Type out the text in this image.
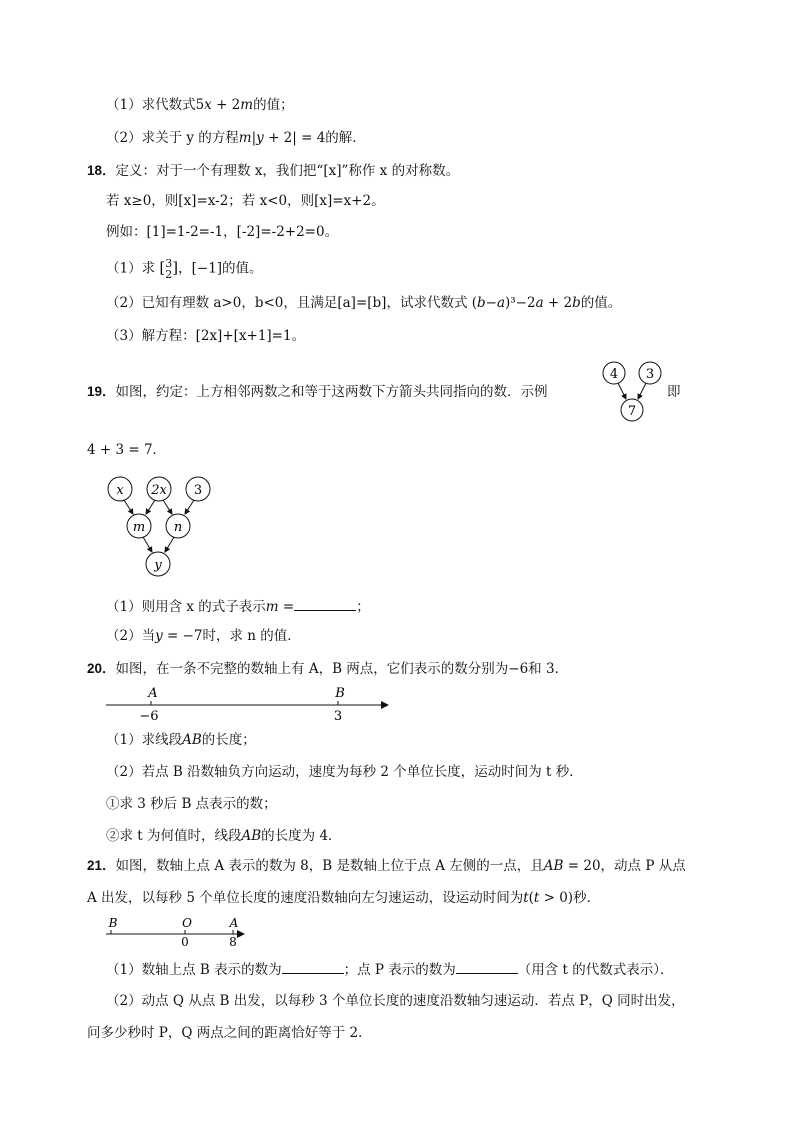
（1）求代数式5𝑥 + 2𝑚的值；
（2）求关于 y 的方程𝑚|𝑦 + 2| = 4的解．
18．定义：对于一个有理数 x，我们把“[x]”称作 x 的对称数。
若 x≥0，则[x]=x-2；若 x<0，则[x]=x+2。
例如：[1]=1-2=-1，[-2]=-2+2=0。
（1）求 [ 3
2 ]，[−1]的值。
（2）已知有理数 a>0，b<0，且满足[a]=[b]，试求代数式 (𝑏−𝑎)³−2𝑎 + 2𝑏的值。
（3）解方程：[2x]+[x+1]=1。
19．如图，约定：上方相邻两数之和等于这两数下方箭头共同指向的数．示例
4 3
7
即
4 + 3 = 7．
x 2x 3
m n
y
（1）则用含 x 的式子表示𝑚 =	；
（2）当𝑦 = −7时，求 n 的值．
20．如图，在一条不完整的数轴上有 A，B 两点，它们表示的数分别为−6和 3．
A	B
−6	3
（1）求线段𝐴𝐵的长度；
（2）若点 B 沿数轴负方向运动，速度为每秒 2 个单位长度，运动时间为 t 秒．
①求 3 秒后 B 点表示的数；
②求 t 为何值时，线段𝐴𝐵的长度为 4．
21．如图，数轴上点 A 表示的数为 8，B 是数轴上位于点 A 左侧的一点，且𝐴𝐵 = 20，动点 P 从点
A 出发，以每秒 5 个单位长度的速度沿数轴向左匀速运动，设运动时间为𝑡(𝑡 > 0)秒．
B	O	A
0	8
（1）数轴上点 B 表示的数为	；点 P 表示的数为	（用含 t 的代数式表示）．
（2）动点 Q 从点 B 出发，以每秒 3 个单位长度的速度沿数轴匀速运动．若点 P，Q 同时出发，
问多少秒时 P，Q 两点之间的距离恰好等于 2．
